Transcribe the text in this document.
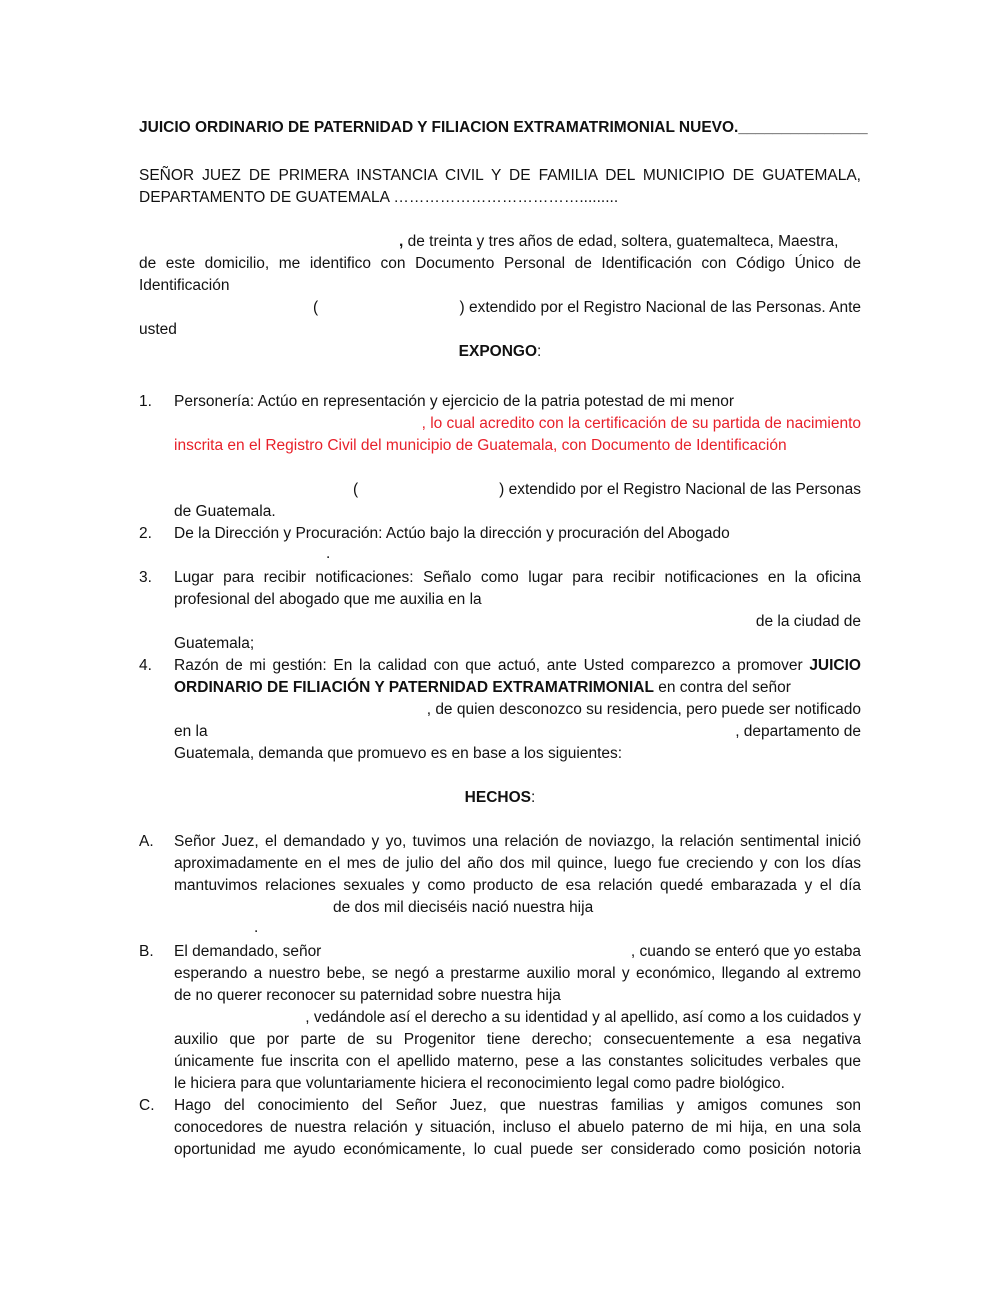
JUICIO ORDINARIO DE PATERNIDAD Y FILIACION EXTRAMATRIMONIAL NUEVO._______________
SEÑOR JUEZ DE PRIMERA INSTANCIA CIVIL Y DE FAMILIA DEL MUNICIPIO DE GUATEMALA,
DEPARTAMENTO DE GUATEMALA ……………………………….........
, de treinta y tres años de edad, soltera, guatemalteca, Maestra,
de este domicilio, me identifico con Documento Personal de Identificación con Código Único de
Identificación
(	) extendido por el Registro Nacional de las Personas. Ante
usted
EXPONGO:
1. Personería: Actúo en representación y ejercicio de la patria potestad de mi menor
, lo cual acredito con la certificación de su partida de nacimiento
inscrita en el Registro Civil del municipio de Guatemala, con Documento de Identificación
(	) extendido por el Registro Nacional de las Personas
de Guatemala.
2. De la Dirección y Procuración: Actúo bajo la dirección y procuración del Abogado
.
3. Lugar para recibir notificaciones: Señalo como lugar para recibir notificaciones en la oficina
profesional del abogado que me auxilia en la
de la ciudad de
Guatemala;
4. Razón de mi gestión: En la calidad con que actuó, ante Usted comparezco a promover JUICIO
ORDINARIO DE FILIACIÓN Y PATERNIDAD EXTRAMATRIMONIAL en contra del señor
, de quien desconozco su residencia, pero puede ser notificado
en la	, departamento de
Guatemala, demanda que promuevo es en base a los siguientes:
HECHOS:
A. Señor Juez, el demandado y yo, tuvimos una relación de noviazgo, la relación sentimental inició
aproximadamente en el mes de julio del año dos mil quince, luego fue creciendo y con los días
mantuvimos relaciones sexuales y como producto de esa relación quedé embarazada y el día
de dos mil dieciséis nació nuestra hija
.
B. El demandado, señor	, cuando se enteró que yo estaba
esperando a nuestro bebe, se negó a prestarme auxilio moral y económico, llegando al extremo
de no querer reconocer su paternidad sobre nuestra hija
, vedándole así el derecho a su identidad y al apellido, así como a los cuidados y
auxilio que por parte de su Progenitor tiene derecho; consecuentemente a esa negativa
únicamente fue inscrita con el apellido materno, pese a las constantes solicitudes verbales que
le hiciera para que voluntariamente hiciera el reconocimiento legal como padre biológico.
C. Hago del conocimiento del Señor Juez, que nuestras familias y amigos comunes son
conocedores de nuestra relación y situación, incluso el abuelo paterno de mi hija, en una sola
oportunidad me ayudo económicamente, lo cual puede ser considerado como posición notoria
